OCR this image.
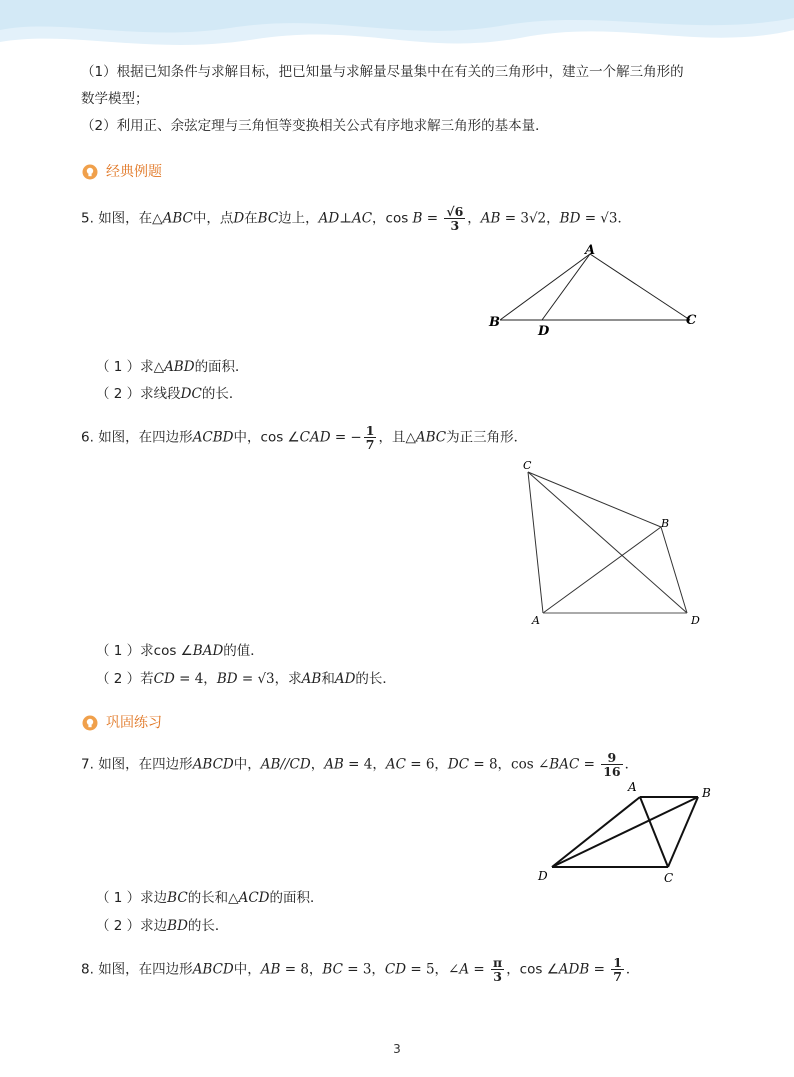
（1）根据已知条件与求解目标，把已知量与求解量尽量集中在有关的三角形中，建立一个解三角形的
数学模型；
（2）利用正、余弦定理与三角恒等变换相关公式有序地求解三角形的基本量．
经典例题
5. 如图，在△ABC中，点D在BC边上，AD⊥AC，$\cos B = \frac{√6}{3}$ ，AB = 3√2，BD = √3．
A
B	C
D
（ 1 ）求△ABD的面积．
（ 2 ）求线段DC的长．
6. 如图，在四边形ACBD中，cos ∠CAD = − $\frac{1}{7}$ ，且△ABC为正三角形．
C
B
A	D
（ 1 ）求cos ∠BAD的值．
（ 2 ）若CD = 4，BD = √3，求AB和AD的长．
巩固练习
7. 如图，在四边形ABCD中，AB//CD，AB = 4，AC = 6，DC = 8，cos ∠BAC = $\frac{9}{16}$ ．
A	B
C
D
（ 1 ）求边BC的长和△ACD的面积．
（ 2 ）求边BD的长．
8. 如图，在四边形ABCD中，AB = 8，BC = 3，CD = 5，∠A = $\frac{\pi}{3}$ ，cos ∠ADB = $\frac{1}{7}$ ．
3
